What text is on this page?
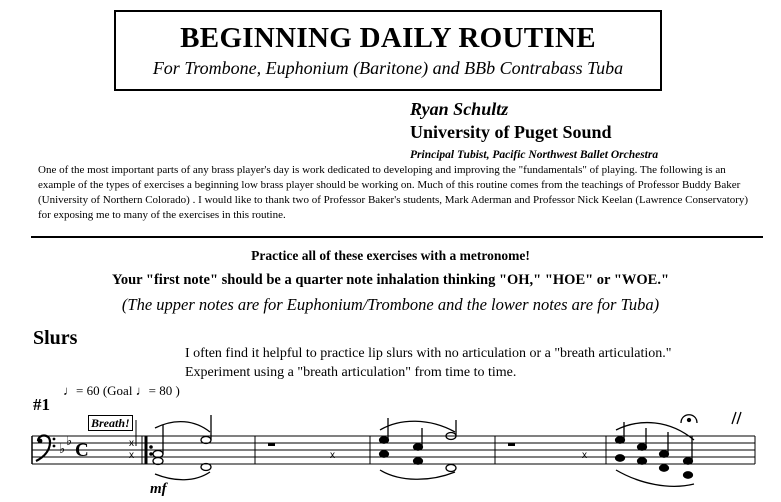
BEGINNING DAILY ROUTINE
For Trombone, Euphonium (Baritone) and BBb Contrabass Tuba
Ryan Schultz
University of Puget Sound
Principal Tubist, Pacific Northwest Ballet Orchestra

One of the most important parts of any brass player's day is work dedicated to developing and improving the "fundamentals" of playing. The following is an example of the types of exercises a beginning low brass player should be working on. Much of this routine comes from the teachings of Professor Buddy Baker (University of Northern Colorado) . I would like to thank two of Professor Baker's students, Mark Aderman and Professor Nick Keelan (Lawrence Conservatory) for exposing me to many of the exercises in this routine.

Practice all of these exercises with a metronome!
Your "first note" should be a quarter note inhalation thinking "OH," "HOE" or "WOE."
(The upper notes are for Euphonium/Trombone and the lower notes are for Tuba)
Slurs
I often find it helpful to practice lip slurs with no articulation or a "breath articulation."
Experiment using a "breath articulation" from time to time.
#1
♩= 60 (Goal ♩= 80 )
Breath!
mf
♭
♭ C	x
x
x	x
